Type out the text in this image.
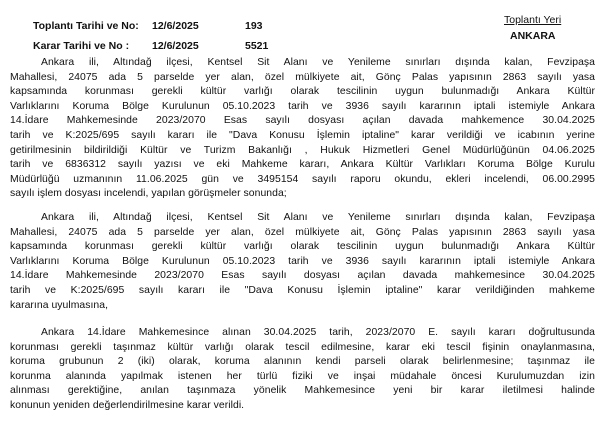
Toplantı Tarihi ve No: 12/6/2025	193
Karar Tarihi ve No : 12/6/2025	5521
Toplantı Yeri
ANKARA
Ankara ili, Altındağ ilçesi, Kentsel Sit Alanı ve Yenileme sınırları dışında kalan, Fevzipaşa
Mahallesi, 24075 ada 5 parselde yer alan, özel mülkiyete ait, Gönç Palas yapısının 2863 sayılı yasa
kapsamında korunması gerekli kültür varlığı olarak tescilinin uygun bulunmadığı Ankara Kültür
Varlıklarını Koruma Bölge Kurulunun 05.10.2023 tarih ve 3936 sayılı kararının iptali istemiyle Ankara
14.İdare Mahkemesinde 2023/2070 Esas sayılı dosyası açılan davada mahkemence 30.04.2025
tarih ve K:2025/695 sayılı kararı ile "Dava Konusu İşlemin iptaline" karar verildiği ve icabının yerine
getirilmesinin bildirildiği Kültür ve Turizm Bakanlığı , Hukuk Hizmetleri Genel Müdürlüğünün 04.06.2025
tarih ve 6836312 sayılı yazısı ve eki Mahkeme kararı, Ankara Kültür Varlıkları Koruma Bölge Kurulu
Müdürlüğü uzmanının 11.06.2025 gün ve 3495154 sayılı raporu okundu, ekleri incelendi, 06.00.2995
sayılı işlem dosyası incelendi, yapılan görüşmeler sonunda;
Ankara ili, Altındağ ilçesi, Kentsel Sit Alanı ve Yenileme sınırları dışında kalan, Fevzipaşa
Mahallesi, 24075 ada 5 parselde yer alan, özel mülkiyete ait, Gönç Palas yapısının 2863 sayılı yasa
kapsamında korunması gerekli kültür varlığı olarak tescilinin uygun bulunmadığı Ankara Kültür
Varlıklarını Koruma Bölge Kurulunun 05.10.2023 tarih ve 3936 sayılı kararının iptali istemiyle Ankara
14.İdare Mahkemesinde 2023/2070 Esas sayılı dosyası açılan davada mahkemesince 30.04.2025
tarih ve K:2025/695 sayılı kararı ile "Dava Konusu İşlemin iptaline" karar verildiğinden mahkeme
kararına uyulmasına,
Ankara 14.İdare Mahkemesince alınan 30.04.2025 tarih, 2023/2070 E. sayılı kararı doğrultusunda
korunması gerekli taşınmaz kültür varlığı olarak tescil edilmesine, karar eki tescil fişinin onaylanmasına,
koruma grubunun 2 (iki) olarak, koruma alanının kendi parseli olarak belirlenmesine; taşınmaz ile
korunma alanında yapılmak istenen her türlü fiziki ve inşai müdahale öncesi Kurulumuzdan izin
alınması gerektiğine, anılan taşınmaza yönelik Mahkemesince yeni bir karar iletilmesi halinde
konunun yeniden değerlendirilmesine karar verildi.
